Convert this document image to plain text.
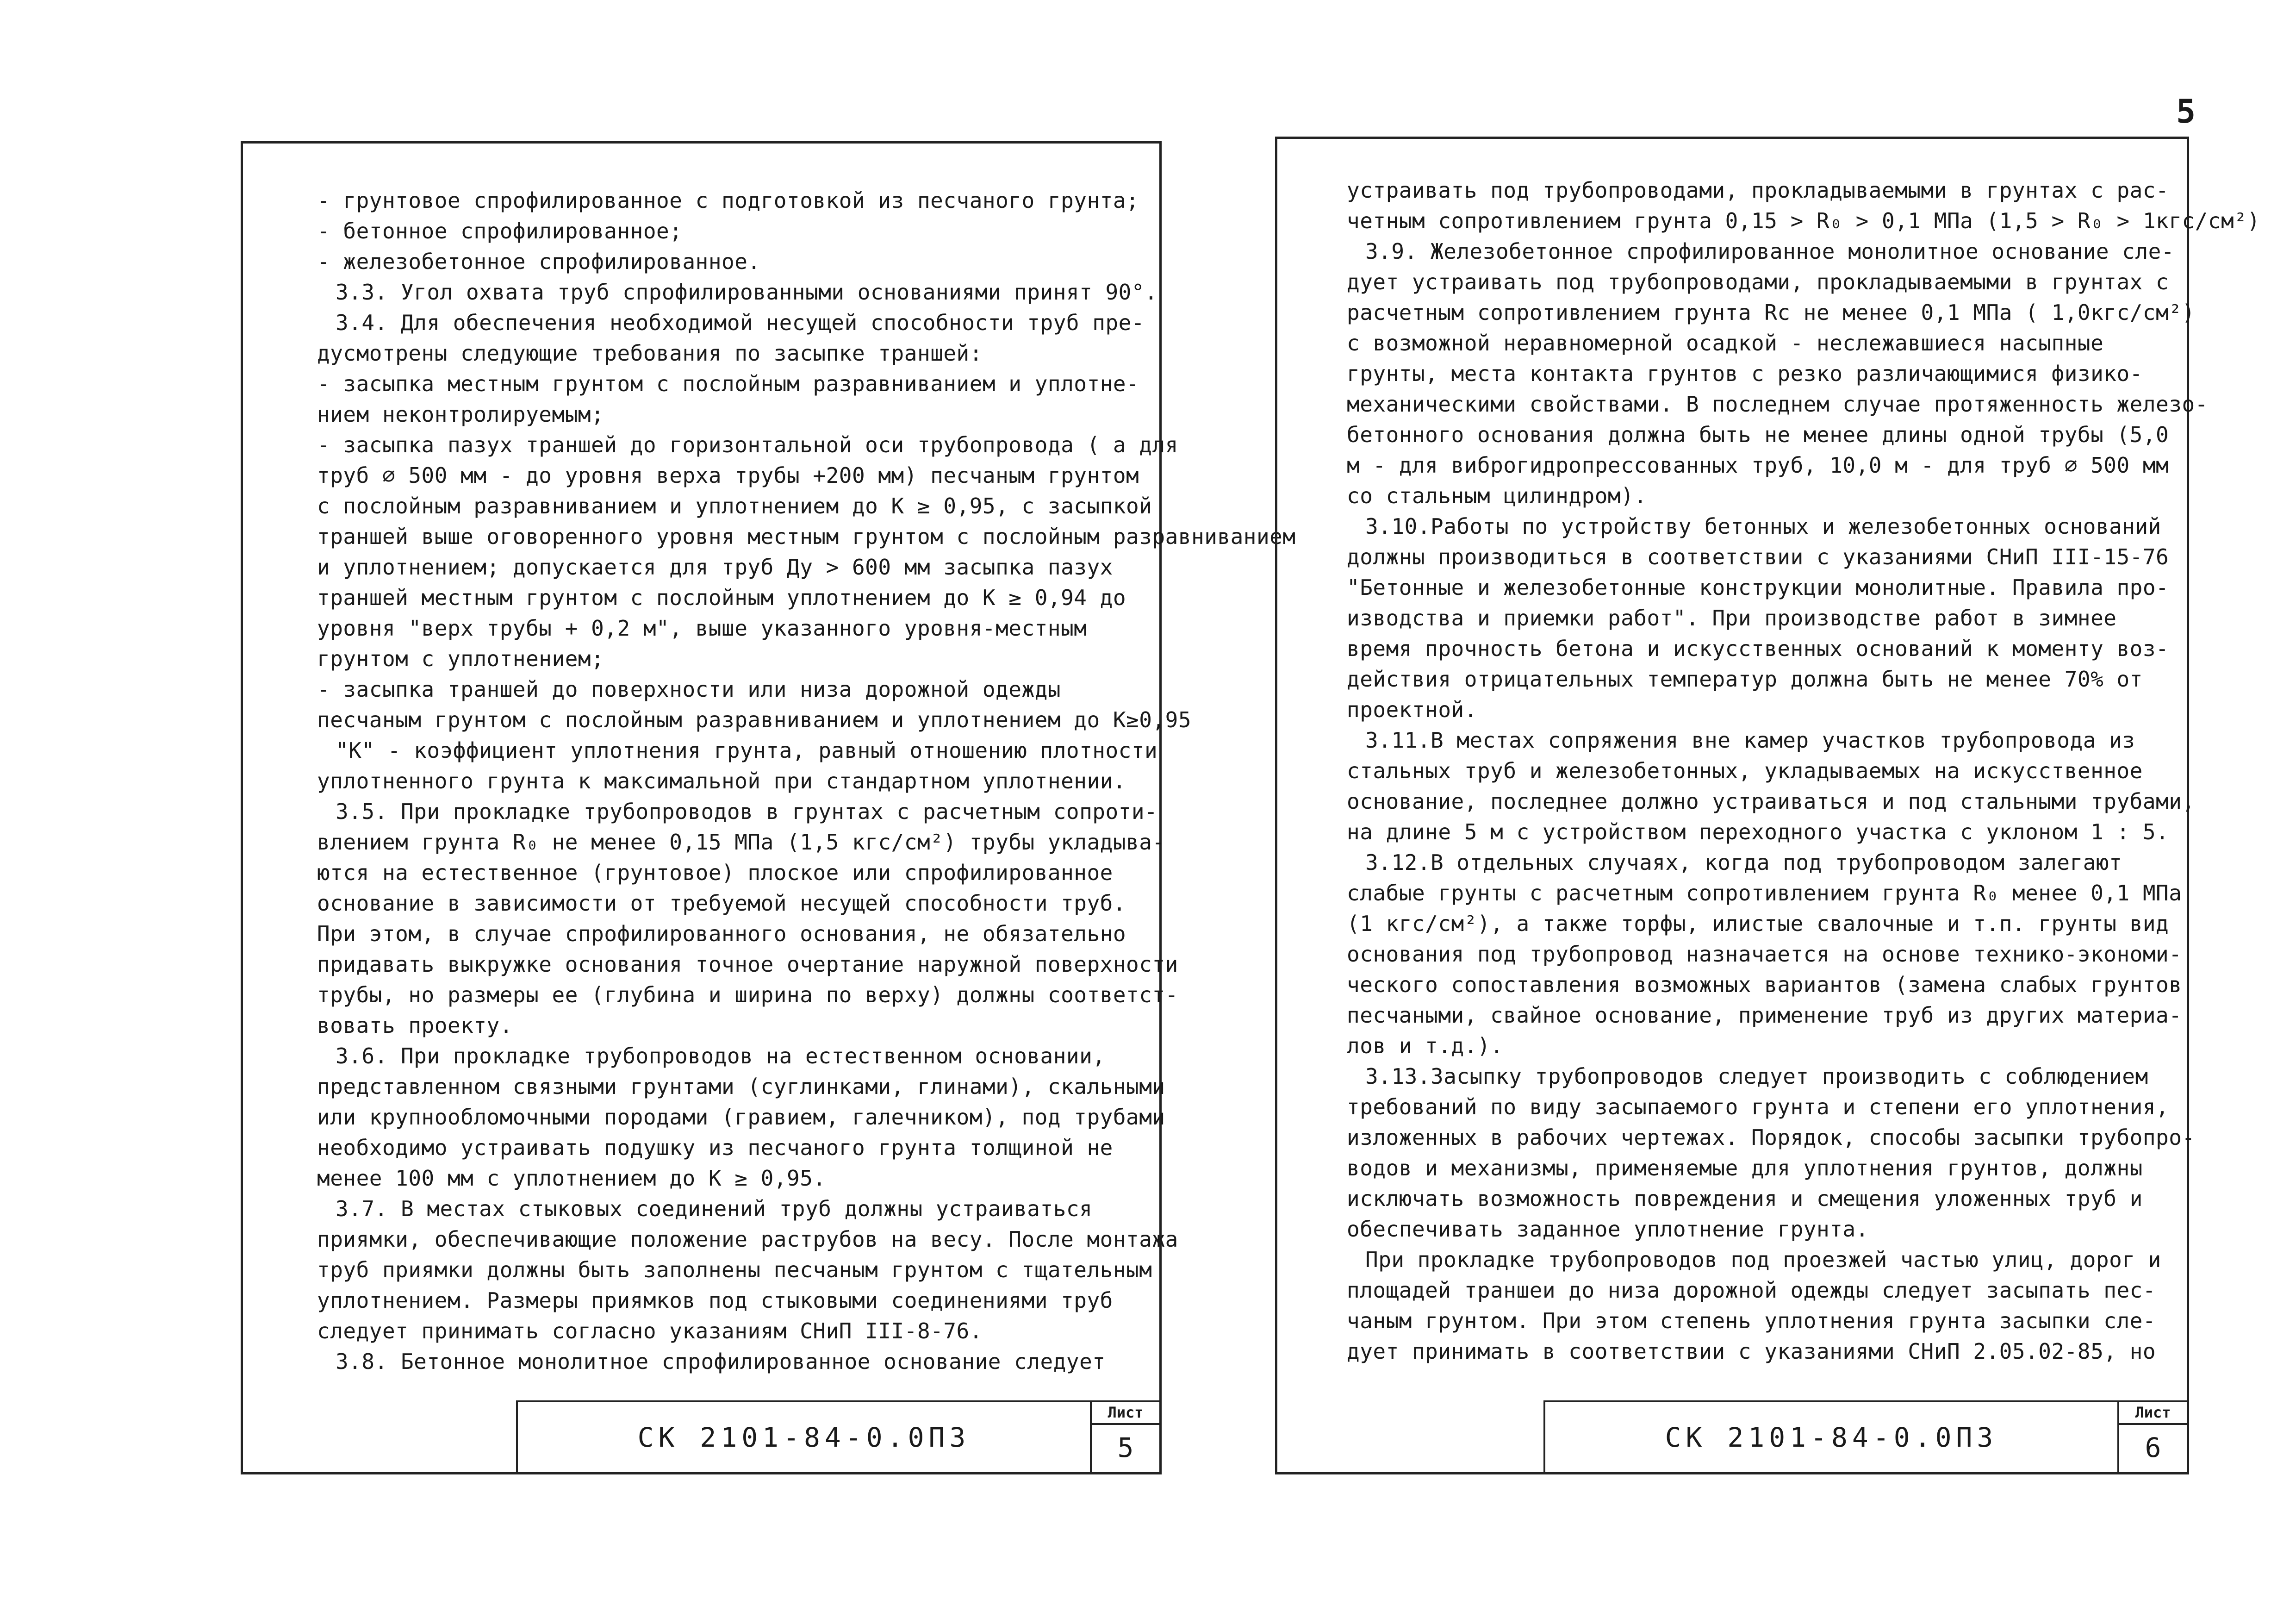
5
- грунтовое спрофилированное с подготовкой из песчаного грунта;
- бетонное спрофилированное;
- железобетонное спрофилированное.
3.3. Угол охвата труб спрофилированными основаниями принят 90°.
3.4. Для обеспечения необходимой несущей способности труб пре-
дусмотрены следующие требования по засыпке траншей:
- засыпка местным грунтом с послойным разравниванием и уплотне-
нием неконтролируемым;
- засыпка пазух траншей до горизонтальной оси трубопровода ( а для
труб ⌀ 500 мм - до уровня верха трубы +200 мм) песчаным грунтом
с послойным разравниванием и уплотнением до К ≥ 0,95, с засыпкой
траншей выше оговоренного уровня местным грунтом с послойным разравниванием
и уплотнением; допускается для труб Ду > 600 мм засыпка пазух
траншей местным грунтом с послойным уплотнением до К ≥ 0,94 до
уровня "верх трубы + 0,2 м", выше указанного уровня-местным
грунтом с уплотнением;
- засыпка траншей до поверхности или низа дорожной одежды
песчаным грунтом с послойным разравниванием и уплотнением до К≥0,95
"К" - коэффициент уплотнения грунта, равный отношению плотности
уплотненного грунта к максимальной при стандартном уплотнении.
3.5. При прокладке трубопроводов в грунтах с расчетным сопроти-
влением грунта R₀ не менее 0,15 МПа (1,5 кгс/см²) трубы укладыва-
ются на естественное (грунтовое) плоское или спрофилированное
основание в зависимости от требуемой несущей способности труб.
При этом, в случае спрофилированного основания, не обязательно
придавать выкружке основания точное очертание наружной поверхности
трубы, но размеры ее (глубина и ширина по верху) должны соответст-
вовать проекту.
3.6. При прокладке трубопроводов на естественном основании,
представленном связными грунтами (суглинками, глинами), скальными
или крупнообломочными породами (гравием, галечником), под трубами
необходимо устраивать подушку из песчаного грунта толщиной не
менее 100 мм с уплотнением до К ≥ 0,95.
3.7. В местах стыковых соединений труб должны устраиваться
приямки, обеспечивающие положение раструбов на весу. После монтажа
труб приямки должны быть заполнены песчаным грунтом с тщательным
уплотнением. Размеры приямков под стыковыми соединениями труб
следует принимать согласно указаниям СНиП III-8-76.
3.8. Бетонное монолитное спрофилированное основание следует
СК 2101-84-0.0ПЗ
Лист
5
устраивать под трубопроводами, прокладываемыми в грунтах с рас-
четным сопротивлением грунта 0,15 > R₀ > 0,1 МПа (1,5 > R₀ > 1кгс/см²)
3.9. Железобетонное спрофилированное монолитное основание сле-
дует устраивать под трубопроводами, прокладываемыми в грунтах с
расчетным сопротивлением грунта Rс не менее 0,1 МПа ( 1,0кгс/см²)
с возможной неравномерной осадкой - неслежавшиеся насыпные
грунты, места контакта грунтов с резко различающимися физико-
механическими свойствами. В последнем случае протяженность железо-
бетонного основания должна быть не менее длины одной трубы (5,0
м - для виброгидропрессованных труб, 10,0 м - для труб ⌀ 500 мм
со стальным цилиндром).
3.10.Работы по устройству бетонных и железобетонных оснований
должны производиться в соответствии с указаниями СНиП III-15-76
"Бетонные и железобетонные конструкции монолитные. Правила про-
изводства и приемки работ". При производстве работ в зимнее
время прочность бетона и искусственных оснований к моменту воз-
действия отрицательных температур должна быть не менее 70% от
проектной.
3.11.В местах сопряжения вне камер участков трубопровода из
стальных труб и железобетонных, укладываемых на искусственное
основание, последнее должно устраиваться и под стальными трубами,
на длине 5 м с устройством переходного участка с уклоном 1 : 5.
3.12.В отдельных случаях, когда под трубопроводом залегают
слабые грунты с расчетным сопротивлением грунта R₀ менее 0,1 МПа
(1 кгс/см²), а также торфы, илистые свалочные и т.п. грунты вид
основания под трубопровод назначается на основе технико-экономи-
ческого сопоставления возможных вариантов (замена слабых грунтов
песчаными, свайное основание, применение труб из других материа-
лов и т.д.).
3.13.Засыпку трубопроводов следует производить с соблюдением
требований по виду засыпаемого грунта и степени его уплотнения,
изложенных в рабочих чертежах. Порядок, способы засыпки трубопро-
водов и механизмы, применяемые для уплотнения грунтов, должны
исключать возможность повреждения и смещения уложенных труб и
обеспечивать заданное уплотнение грунта.
При прокладке трубопроводов под проезжей частью улиц, дорог и
площадей траншеи до низа дорожной одежды следует засыпать пес-
чаным грунтом. При этом степень уплотнения грунта засыпки сле-
дует принимать в соответствии с указаниями СНиП 2.05.02-85, но
СК 2101-84-0.0ПЗ
Лист
6
